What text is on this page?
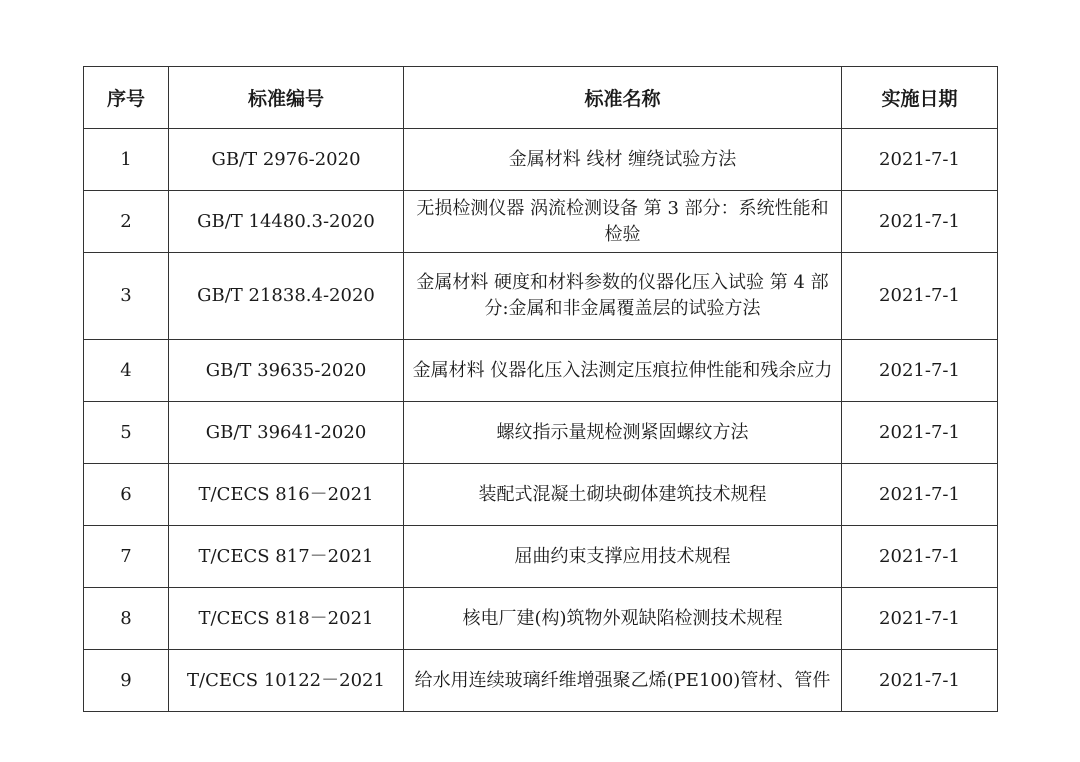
序号	标准编号	标准名称	实施日期
1	GB/T 2976-2020	金属材料 线材 缠绕试验方法	2021-7-1
2	GB/T 14480.3-2020	无损检测仪器 涡流检测设备 第 3 部分：系统性能和检验	2021-7-1
3	GB/T 21838.4-2020	金属材料 硬度和材料参数的仪器化压入试验 第 4 部分:金属和非金属覆盖层的试验方法	2021-7-1
4	GB/T 39635-2020	金属材料 仪器化压入法测定压痕拉伸性能和残余应力	2021-7-1
5	GB/T 39641-2020	螺纹指示量规检测紧固螺纹方法	2021-7-1
6	T/CECS 816－2021	装配式混凝土砌块砌体建筑技术规程	2021-7-1
7	T/CECS 817－2021	屈曲约束支撑应用技术规程	2021-7-1
8	T/CECS 818－2021	核电厂建(构)筑物外观缺陷检测技术规程	2021-7-1
9	T/CECS 10122－2021	给水用连续玻璃纤维增强聚乙烯(PE100)管材、管件	2021-7-1
